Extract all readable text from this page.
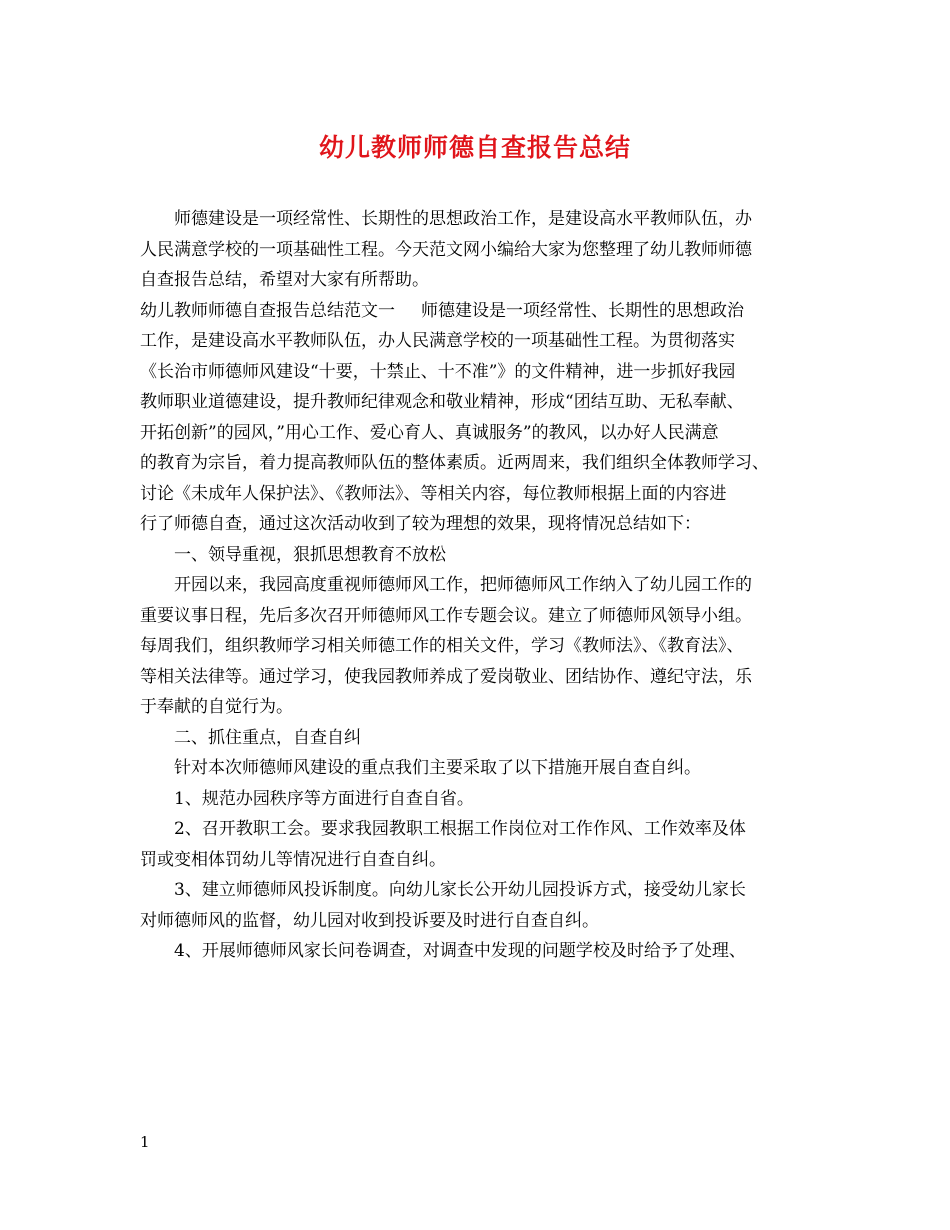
幼儿教师师德自查报告总结
师德建设是一项经常性、长期性的思想政治工作，是建设高水平教师队伍，办
人民满意学校的一项基础性工程。今天范文网小编给大家为您整理了幼儿教师师德
自查报告总结，希望对大家有所帮助。
幼儿教师师德自查报告总结范文一 师德建设是一项经常性、长期性的思想政治
工作，是建设高水平教师队伍，办人民满意学校的一项基础性工程。为贯彻落实
《长治市师德师风建设“十要，十禁止、十不准”》的文件精神，进一步抓好我园
教师职业道德建设，提升教师纪律观念和敬业精神，形成“团结互助、无私奉献、
开拓创新”的园风，”用心工作、爱心育人、真诚服务”的教风，以办好人民满意
的教育为宗旨，着力提高教师队伍的整体素质。近两周来，我们组织全体教师学习、
讨论《未成年人保护法》、《教师法》、等相关内容，每位教师根据上面的内容进
行了师德自查，通过这次活动收到了较为理想的效果，现将情况总结如下：
一、领导重视，狠抓思想教育不放松
开园以来，我园高度重视师德师风工作，把师德师风工作纳入了幼儿园工作的
重要议事日程，先后多次召开师德师风工作专题会议。建立了师德师风领导小组。
每周我们，组织教师学习相关师德工作的相关文件，学习《教师法》、《教育法》、
等相关法律等。通过学习，使我园教师养成了爱岗敬业、团结协作、遵纪守法，乐
于奉献的自觉行为。
二、抓住重点，自查自纠
针对本次师德师风建设的重点我们主要采取了以下措施开展自查自纠。
1、规范办园秩序等方面进行自查自省。
2、召开教职工会。要求我园教职工根据工作岗位对工作作风、工作效率及体
罚或变相体罚幼儿等情况进行自查自纠。
3、建立师德师风投诉制度。向幼儿家长公开幼儿园投诉方式，接受幼儿家长
对师德师风的监督，幼儿园对收到投诉要及时进行自查自纠。
4、开展师德师风家长问卷调查，对调查中发现的问题学校及时给予了处理、
1
